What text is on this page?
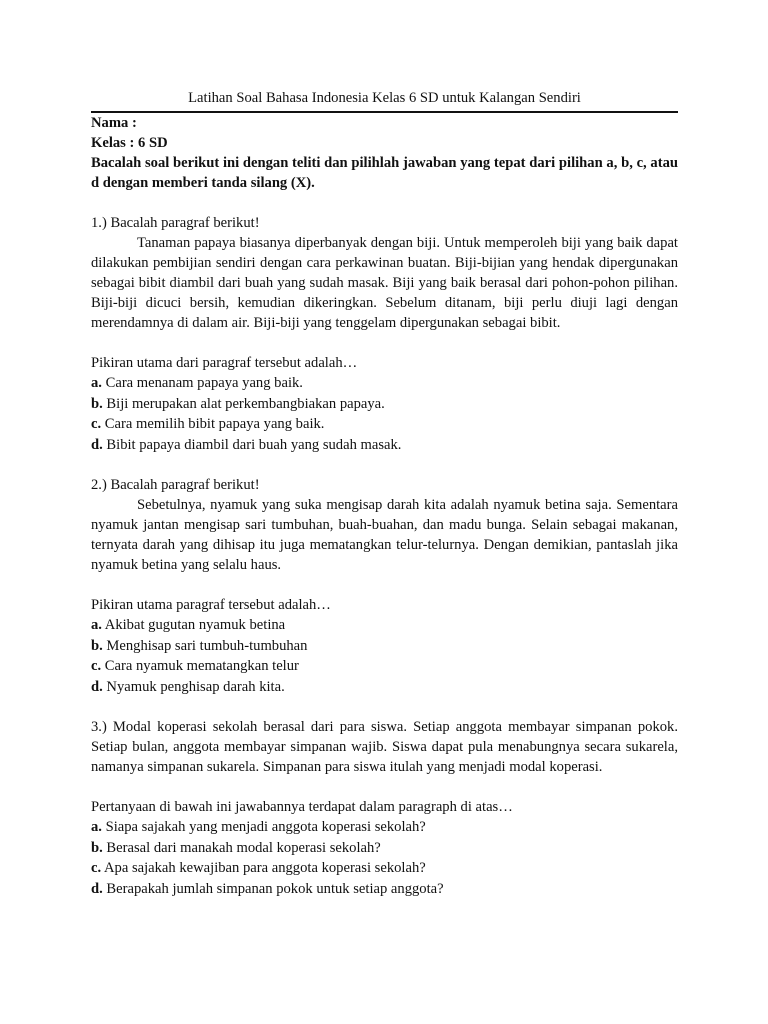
Latihan Soal Bahasa Indonesia Kelas 6 SD untuk Kalangan Sendiri
Nama :
Kelas : 6 SD
Bacalah soal berikut ini dengan teliti dan pilihlah jawaban yang tepat dari pilihan a, b, c, atau d dengan memberi tanda silang (X).
1.) Bacalah paragraf berikut!
Tanaman papaya biasanya diperbanyak dengan biji. Untuk memperoleh biji yang baik dapat dilakukan pembijian sendiri dengan cara perkawinan buatan. Biji-bijian yang hendak dipergunakan sebagai bibit diambil dari buah yang sudah masak. Biji yang baik berasal dari pohon-pohon pilihan. Biji-biji dicuci bersih, kemudian dikeringkan. Sebelum ditanam, biji perlu diuji lagi dengan merendamnya di dalam air. Biji-biji yang tenggelam dipergunakan sebagai bibit.
Pikiran utama dari paragraf tersebut adalah…
a. Cara menanam papaya yang baik.
b. Biji merupakan alat perkembangbiakan papaya.
c. Cara memilih bibit papaya yang baik.
d. Bibit papaya diambil dari buah yang sudah masak.
2.) Bacalah paragraf berikut!
Sebetulnya, nyamuk yang suka mengisap darah kita adalah nyamuk betina saja. Sementara nyamuk jantan mengisap sari tumbuhan, buah-buahan, dan madu bunga. Selain sebagai makanan, ternyata darah yang dihisap itu juga mematangkan telur-telurnya. Dengan demikian, pantaslah jika nyamuk betina yang selalu haus.
Pikiran utama paragraf tersebut adalah…
a. Akibat gugutan nyamuk betina
b. Menghisap sari tumbuh-tumbuhan
c. Cara nyamuk mematangkan telur
d. Nyamuk penghisap darah kita.
3.) Modal koperasi sekolah berasal dari para siswa. Setiap anggota membayar simpanan pokok. Setiap bulan, anggota membayar simpanan wajib. Siswa dapat pula menabungnya secara sukarela, namanya simpanan sukarela. Simpanan para siswa itulah yang menjadi modal koperasi.
Pertanyaan di bawah ini jawabannya terdapat dalam paragraph di atas…
a. Siapa sajakah yang menjadi anggota koperasi sekolah?
b. Berasal dari manakah modal koperasi sekolah?
c. Apa sajakah kewajiban para anggota koperasi sekolah?
d. Berapakah jumlah simpanan pokok untuk setiap anggota?
